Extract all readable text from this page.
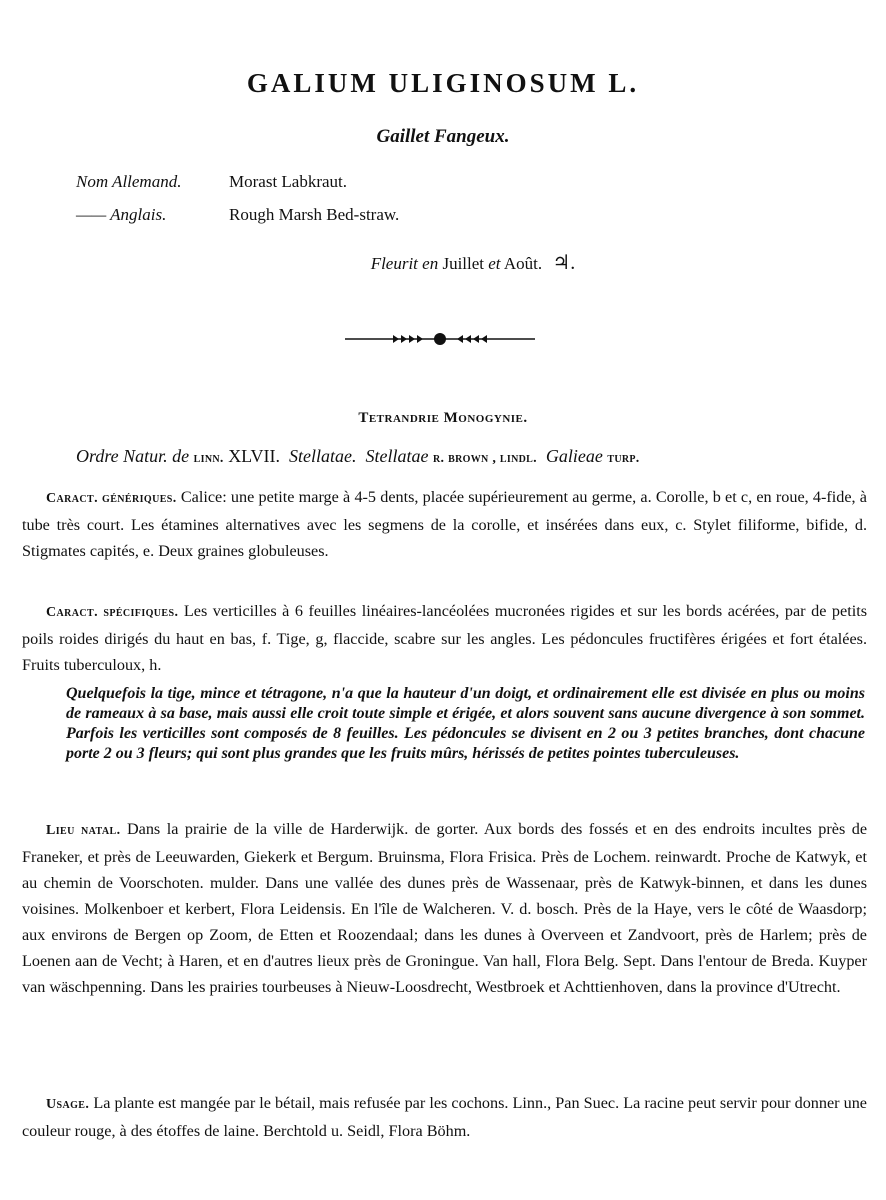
GALIUM ULIGINOSUM L.
Gaillet Fangeux.
Nom Allemand.	Morast Labkraut.
—— Anglais.	Rough Marsh Bed-straw.
Fleurit en Juillet et Août. ♃.
Tetrandrie Monogynie.
Ordre Natur. de linn. XLVII. Stellatae. Stellatae r. brown , lindl. Galieae turp.
Caract. génériques. Calice: une petite marge à 4-5 dents, placée supérieurement au germe, a. Corolle, b et c, en roue, 4-fide, à tube très court. Les étamines alternatives avec les segmens de la corolle, et insérées dans eux, c. Stylet filiforme, bifide, d. Stigmates capités, e. Deux graines globuleuses.
Caract. spécifiques. Les verticilles à 6 feuilles linéaires-lancéolées mucronées rigides et sur les bords acérées, par de petits poils roides dirigés du haut en bas, f. Tige, g, flaccide, scabre sur les angles. Les pédoncules fructifères érigées et fort étalées. Fruits tuberculoux, h.
Quelquefois la tige, mince et tétragone, n'a que la hauteur d'un doigt, et ordinairement elle est divisée en plus ou moins de rameaux à sa base, mais aussi elle croit toute simple et érigée, et alors souvent sans aucune divergence à son sommet. Parfois les verticilles sont composés de 8 feuilles. Les pédoncules se divisent en 2 ou 3 petites branches, dont chacune porte 2 ou 3 fleurs; qui sont plus grandes que les fruits mûrs, hérissés de petites pointes tuberculeuses.
Lieu natal. Dans la prairie de la ville de Harderwijk. de gorter. Aux bords des fossés et en des endroits incultes près de Franeker, et près de Leeuwarden, Giekerk et Bergum. Bruinsma, Flora Frisica. Près de Lochem. reinwardt. Proche de Katwyk, et au chemin de Voorschoten. mulder. Dans une vallée des dunes près de Wassenaar, près de Katwyk-binnen, et dans les dunes voisines. Molkenboer et kerbert, Flora Leidensis. En l'île de Walcheren. V. d. bosch. Près de la Haye, vers le côté de Waasdorp; aux environs de Bergen op Zoom, de Etten et Roozendaal; dans les dunes à Overveen et Zandvoort, près de Harlem; près de Loenen aan de Vecht; à Haren, et en d'autres lieux près de Groningue. Van hall, Flora Belg. Sept. Dans l'entour de Breda. Kuyper van wäschpenning. Dans les prairies tourbeuses à Nieuw-Loosdrecht, Westbroek et Achttienhoven, dans la province d'Utrecht.
Usage. La plante est mangée par le bétail, mais refusée par les cochons. Linn., Pan Suec. La racine peut servir pour donner une couleur rouge, à des étoffes de laine. Berchtold u. Seidl, Flora Böhm.
